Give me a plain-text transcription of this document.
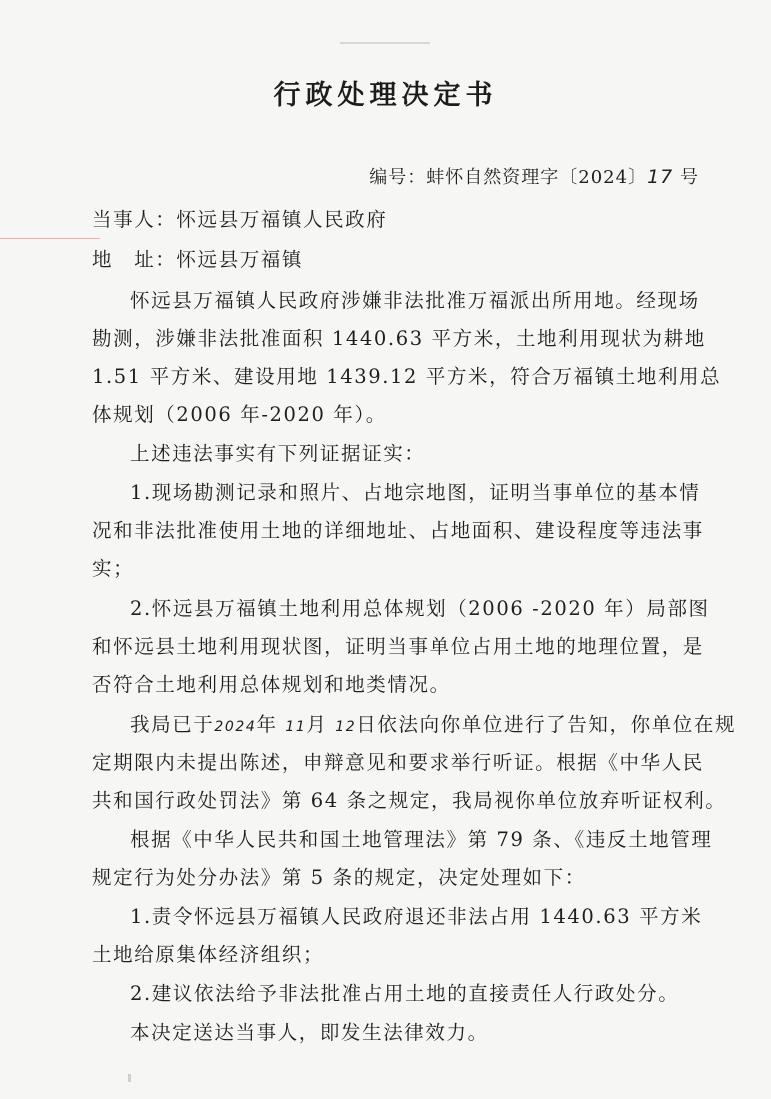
行政处理决定书
编号：蚌怀自然资理字〔2024〕17 号
当事人：怀远县万福镇人民政府
地　址：怀远县万福镇
怀远县万福镇人民政府涉嫌非法批准万福派出所用地。经现场
勘测，涉嫌非法批准面积 1440.63 平方米，土地利用现状为耕地
1.51 平方米、建设用地 1439.12 平方米，符合万福镇土地利用总
体规划（2006 年-2020 年）。
上述违法事实有下列证据证实：
1.现场勘测记录和照片、占地宗地图，证明当事单位的基本情
况和非法批准使用土地的详细地址、占地面积、建设程度等违法事
实；
2.怀远县万福镇土地利用总体规划（2006 -2020 年）局部图
和怀远县土地利用现状图，证明当事单位占用土地的地理位置，是
否符合土地利用总体规划和地类情况。
我局已于2024年 11月 12日依法向你单位进行了告知，你单位在规
定期限内未提出陈述，申辩意见和要求举行听证。根据《中华人民
共和国行政处罚法》第 64 条之规定，我局视你单位放弃听证权利。
根据《中华人民共和国土地管理法》第 79 条、《违反土地管理
规定行为处分办法》第 5 条的规定，决定处理如下：
1.责令怀远县万福镇人民政府退还非法占用 1440.63 平方米
土地给原集体经济组织；
2.建议依法给予非法批准占用土地的直接责任人行政处分。
本决定送达当事人，即发生法律效力。
